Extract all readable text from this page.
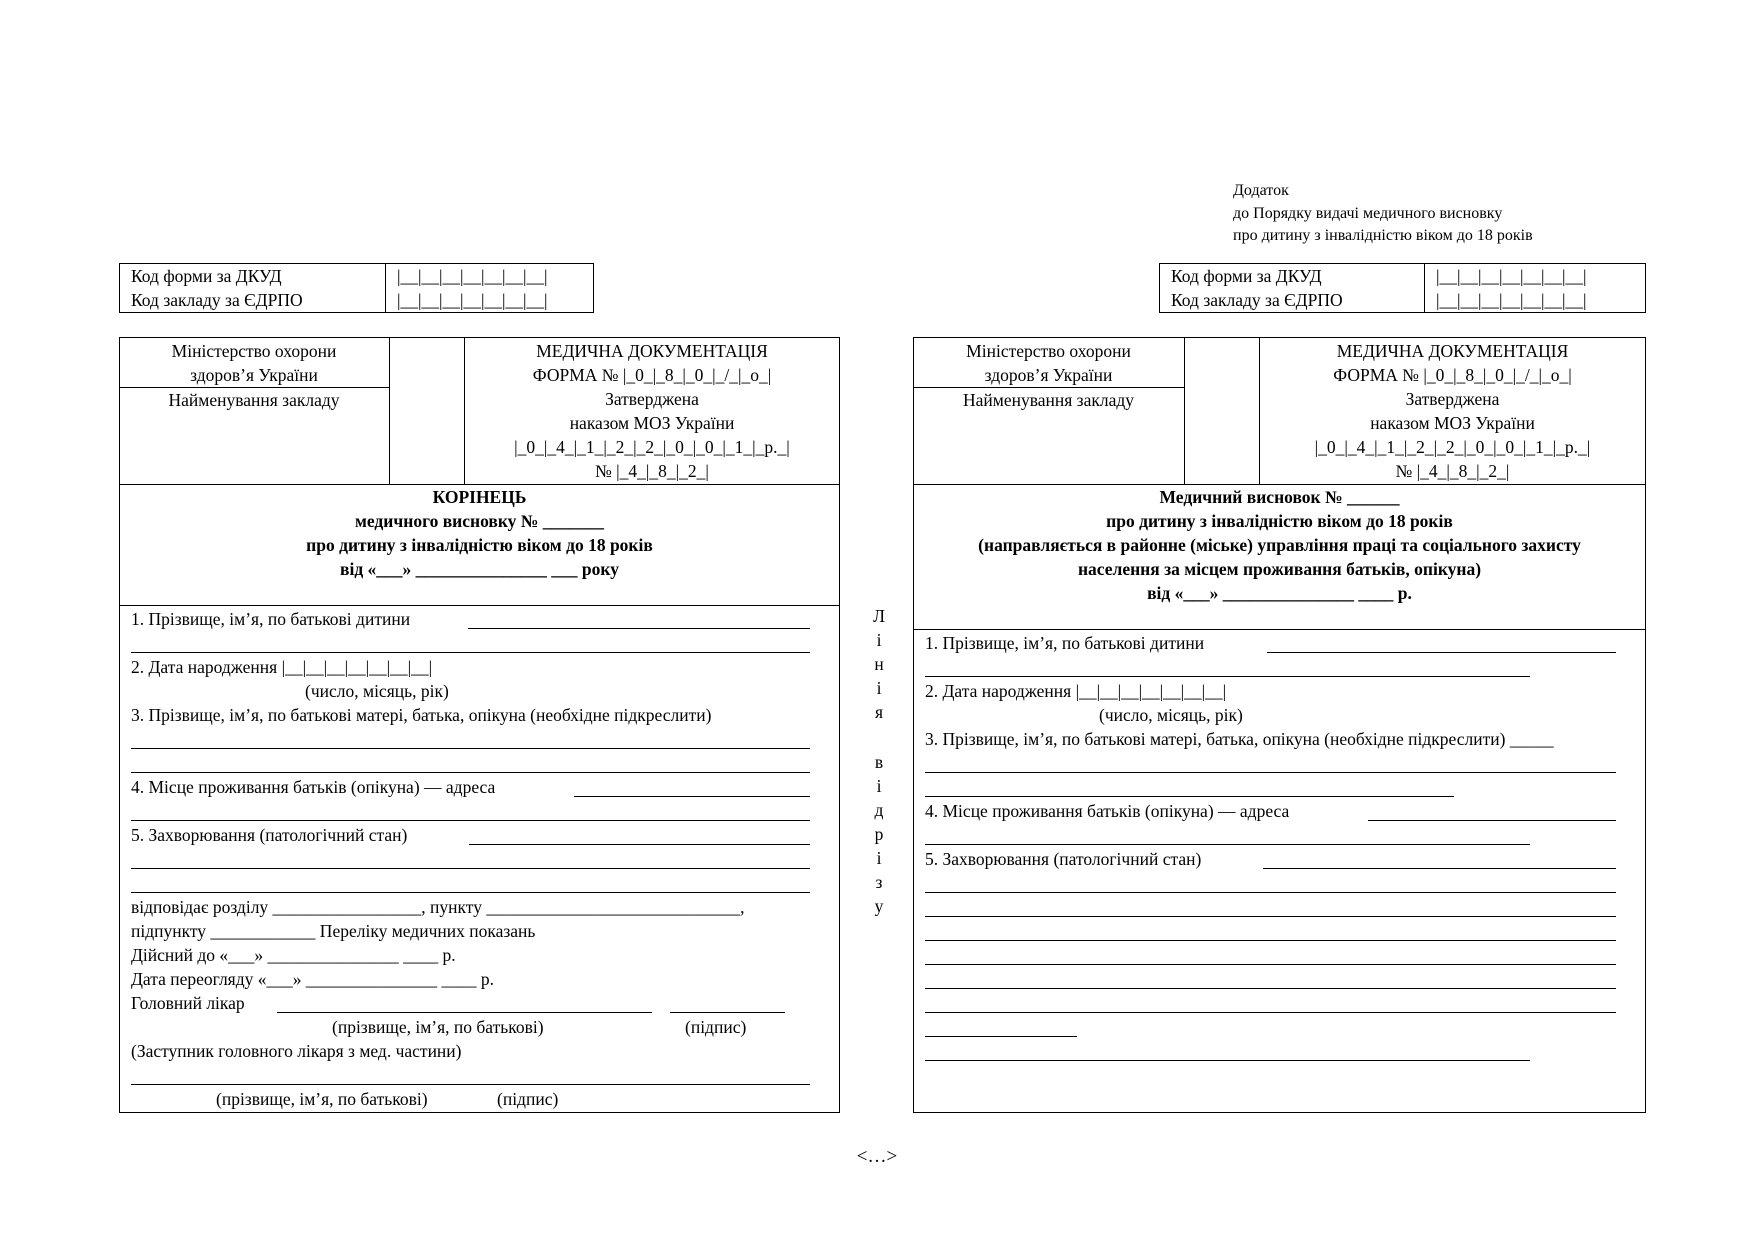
Додаток
до Порядку видачі медичного висновку
про дитину з інвалідністю віком до 18 років
Код форми за ДКУД
Код закладу за ЄДРПО
|__|__|__|__|__|__|__|
|__|__|__|__|__|__|__|
Код форми за ДКУД
Код закладу за ЄДРПО
|__|__|__|__|__|__|__|
|__|__|__|__|__|__|__|
Міністерство охорони
здоров’я України
Найменування закладу
МЕДИЧНА ДОКУМЕНТАЦІЯ
ФОРМА № |_0_|_8_|_0_|_/_|_о_|
Затверджена
наказом МОЗ України
|_0_|_4_|_1_|_2_|_2_|_0_|_0_|_1_|_р._|
№ |_4_|_8_|_2_|
КОРІНЕЦЬ
медичного висновку № _______
про дитину з інвалідністю віком до 18 років
від «___» _______________ ___ року
1. Прізвище, ім’я, по батькові дитини
2. Дата народження |__|__|__|__|__|__|__|
(число, місяць, рік)
3. Прізвище, ім’я, по батькові матері, батька, опікуна (необхідне підкреслити)
4. Місце проживання батьків (опікуна) — адреса
5. Захворювання (патологічний стан)
відповідає розділу _________________, пункту _____________________________,
підпункту ____________ Переліку медичних показань
Дійсний до «___» _______________ ____ р.
Дата переогляду «___» _______________ ____ р.
Головний лікар
(прізвище, ім’я, по батькові)	(підпис)
(Заступник головного лікаря з мед. частини)
(прізвище, ім’я, по батькові)	(підпис)
Л
і
н
і
я
в
і
д
р
і
з
у
Міністерство охорони
здоров’я України
Найменування закладу
МЕДИЧНА ДОКУМЕНТАЦІЯ
ФОРМА № |_0_|_8_|_0_|_/_|_о_|
Затверджена
наказом МОЗ України
|_0_|_4_|_1_|_2_|_2_|_0_|_0_|_1_|_р._|
№ |_4_|_8_|_2_|
Медичний висновок № ______
про дитину з інвалідністю віком до 18 років
(направляється в районне (міське) управління праці та соціального захисту
населення за місцем проживання батьків, опікуна)
від «___» _______________ ____ р.
1. Прізвище, ім’я, по батькові дитини
2. Дата народження |__|__|__|__|__|__|__|
(число, місяць, рік)
3. Прізвище, ім’я, по батькові матері, батька, опікуна (необхідне підкреслити) _____
4. Місце проживання батьків (опікуна) — адреса
5. Захворювання (патологічний стан)
<…>
